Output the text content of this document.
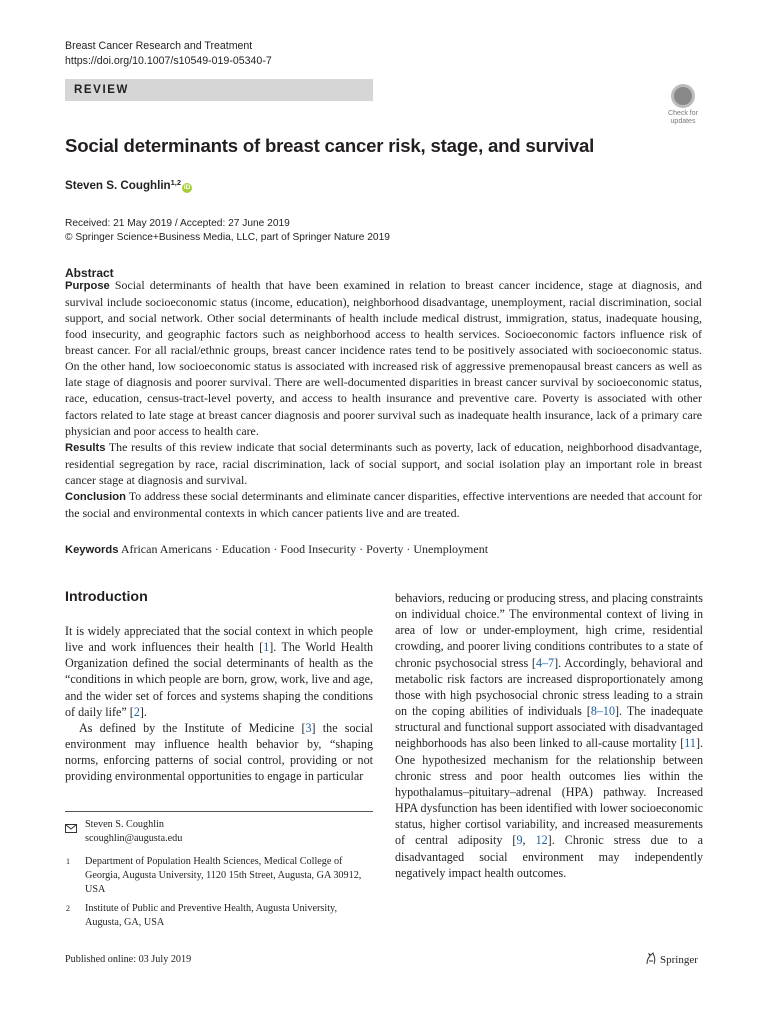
Breast Cancer Research and Treatment
https://doi.org/10.1007/s10549-019-05340-7
REVIEW
Check for
updates
Social determinants of breast cancer risk, stage, and survival
Steven S. Coughlin$^{1,2}$iD
Received: 21 May 2019 / Accepted: 27 June 2019
© Springer Science+Business Media, LLC, part of Springer Nature 2019
Abstract
Purpose Social determinants of health that have been examined in relation to breast cancer incidence, stage at diagnosis, and survival include socioeconomic status (income, education), neighborhood disadvantage, unemployment, racial discrimination, social support, and social network. Other social determinants of health include medical distrust, immigration, status, inadequate housing, food insecurity, and geographic factors such as neighborhood access to health services. Socioeconomic factors influence risk of breast cancer. For all racial/ethnic groups, breast cancer incidence rates tend to be positively associated with socioeconomic status. On the other hand, low socioeconomic status is associated with increased risk of aggressive premenopausal breast cancers as well as late stage of diagnosis and poorer survival. There are well-documented disparities in breast cancer survival by socioeconomic status, race, education, census-tract-level poverty, and access to health insurance and preventive care. Poverty is associated with other factors related to late stage at breast cancer diagnosis and poorer survival such as inadequate health insurance, lack of a primary care physician and poor access to health care.
Results The results of this review indicate that social determinants such as poverty, lack of education, neighborhood disadvantage, residential segregation by race, racial discrimination, lack of social support, and social isolation play an important role in breast cancer stage at diagnosis and survival.
Conclusion To address these social determinants and eliminate cancer disparities, effective interventions are needed that account for the social and environmental contexts in which cancer patients live and are treated.
Keywords African Americans · Education · Food Insecurity · Poverty · Unemployment
Introduction

It is widely appreciated that the social context in which people live and work influences their health [1]. The World Health Organization defined the social determinants of health as the “conditions in which people are born, grow, work, live and age, and the wider set of forces and systems shaping the conditions of daily life” [2].

As defined by the Institute of Medicine [3] the social environment may influence health behavior by, “shaping norms, enforcing patterns of social control, providing or not providing environmental opportunities to engage in particular

behaviors, reducing or producing stress, and placing constraints on individual choice.” The environmental context of living in area of low or under-employment, high crime, residential crowding, and poorer living conditions contributes to a state of chronic psychosocial stress [4–7]. Accordingly, behavioral and metabolic risk factors are increased disproportionately among those with high psychosocial chronic stress leading to a strain on the coping abilities of individuals [8–10]. The inadequate structural and functional support associated with disadvantaged neighborhoods has also been linked to all-cause mortality [11]. One hypothesized mechanism for the relationship between chronic stress and poor health outcomes lies within the hypothalamus–pituitary–adrenal (HPA) pathway. Increased HPA dysfunction has been identified with lower socioeconomic status, higher cortisol variability, and increased measurements of central adiposity [9, 12]. Chronic stress due to a disadvantaged social environment may independently negatively impact health outcomes.

Steven S. Coughlin
scoughlin@augusta.edu
1 Department of Population Health Sciences, Medical College of Georgia, Augusta University, 1120 15th Street, Augusta, GA 30912, USA
2 Institute of Public and Preventive Health, Augusta University, Augusta, GA, USA
Published online: 03 July 2019	Springer
